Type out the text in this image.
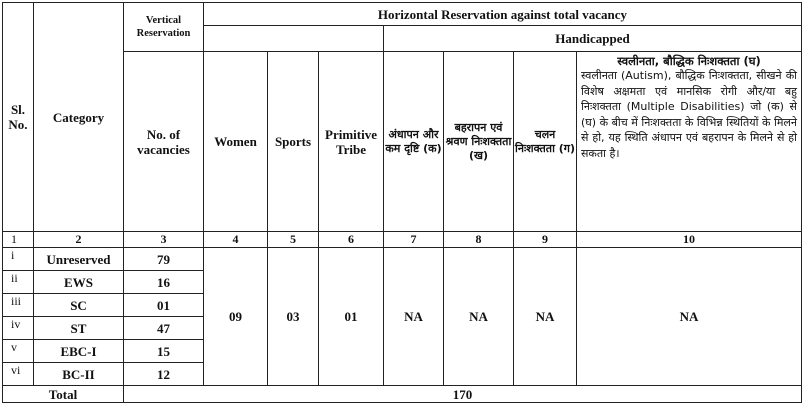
Sl. No.	Category	Vertical Reservation	Horizontal Reservation against total vacancy						
						Handicapped			
		No. of vacancies	Women	Sports	Primitive Tribe	अंधापन और कम दृष्टि (क)	बहरापन एवं श्रवण निःशक्तता (ख)	चलन निःशक्तता (ग)	स्वलीनता, बौद्धिक निःशक्तता (घ)
स्वलीनता (Autism), बौद्धिक निःशक्तता, सीखने की विशेष अक्षमता एवं मानसिक रोगी और/या बहु निःशक्तता (Multiple Disabilities) जो (क) से (घ) के बीच में निःशक्तता के विभिन्न स्थितियों के मिलने से हो, यह स्थिति अंधापन एवं बहरापन के मिलने से हो सकता है।

1	2	3	4	5	6	7	8	9	10
i	Unreserved	79	09	03	01	NA	NA	NA	NA
ii	EWS	16							
iii	SC	01							
iv	ST	47							
v	EBC-I	15							
vi	BC-II	12							
Total		170							
